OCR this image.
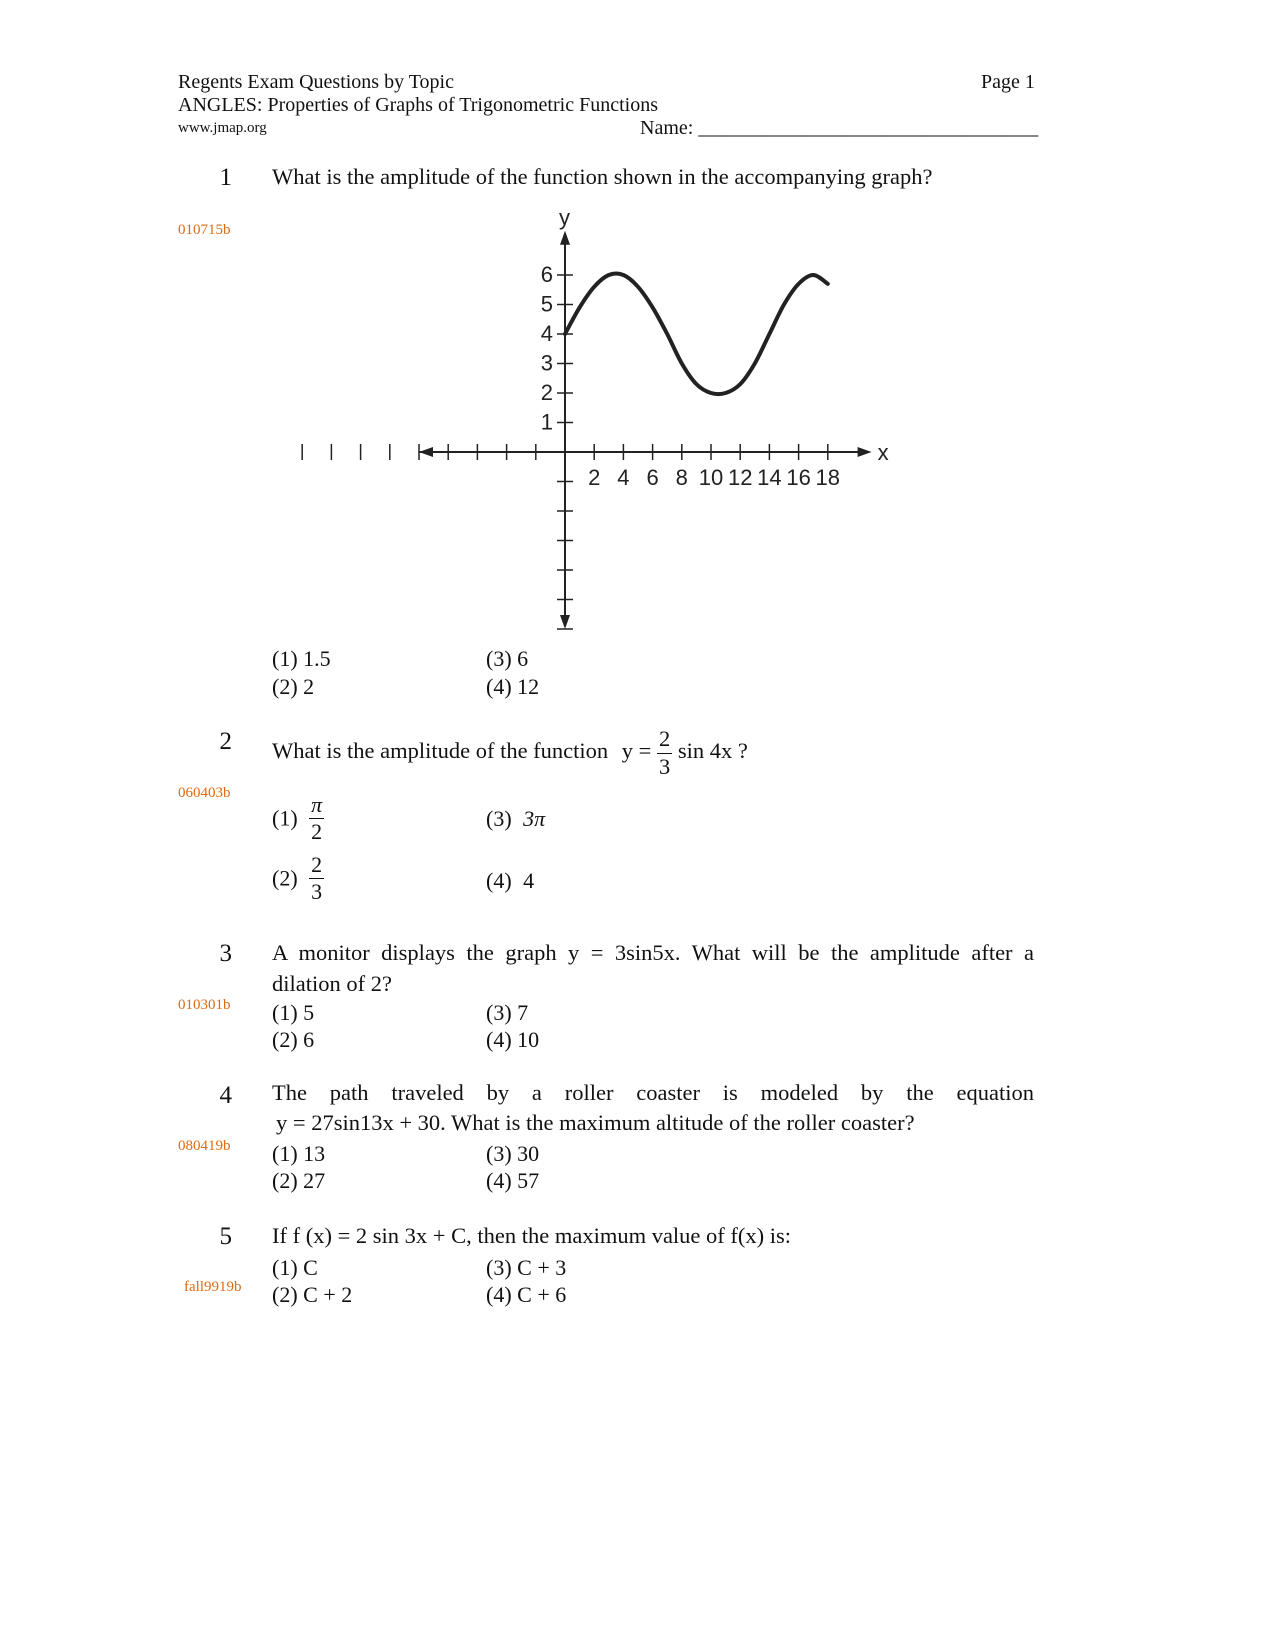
Regents Exam Questions by Topic
ANGLES: Properties of Graphs of Trigonometric Functions
www.jmap.org
Page 1
Name: __________________________________
1 What is the amplitude of the function shown in the accompanying graph?
010715b
x
y
2 4 6 8 10 12 14 16 18
1
2
3
4
5
6
(1) 1.5
(2) 2
(3) 6
(4) 12
2 What is the amplitude of the function $y = \frac{2}{3}$ sin 4x ?
060403b
$(1) \frac{\pi}{2}$
$(2) \frac{2}{3}$
(3) 3π
(4) 4
3 A monitor displays the graph y = 3sin5x. What will be the amplitude after a
dilation of 2?
010301b (1) 5
(2) 6
(3) 7
(4) 10
4 The path traveled by a roller coaster is modeled by the equation
y = 27sin13x + 30. What is the maximum altitude of the roller coaster?
080419b (1) 13
(2) 27
(3) 30
(4) 57
5 If f (x) = 2 sin 3x + C, then the maximum value of f(x) is:
fall9919b
(1) C
(2) C + 2
(3) C + 3
(4) C + 6
